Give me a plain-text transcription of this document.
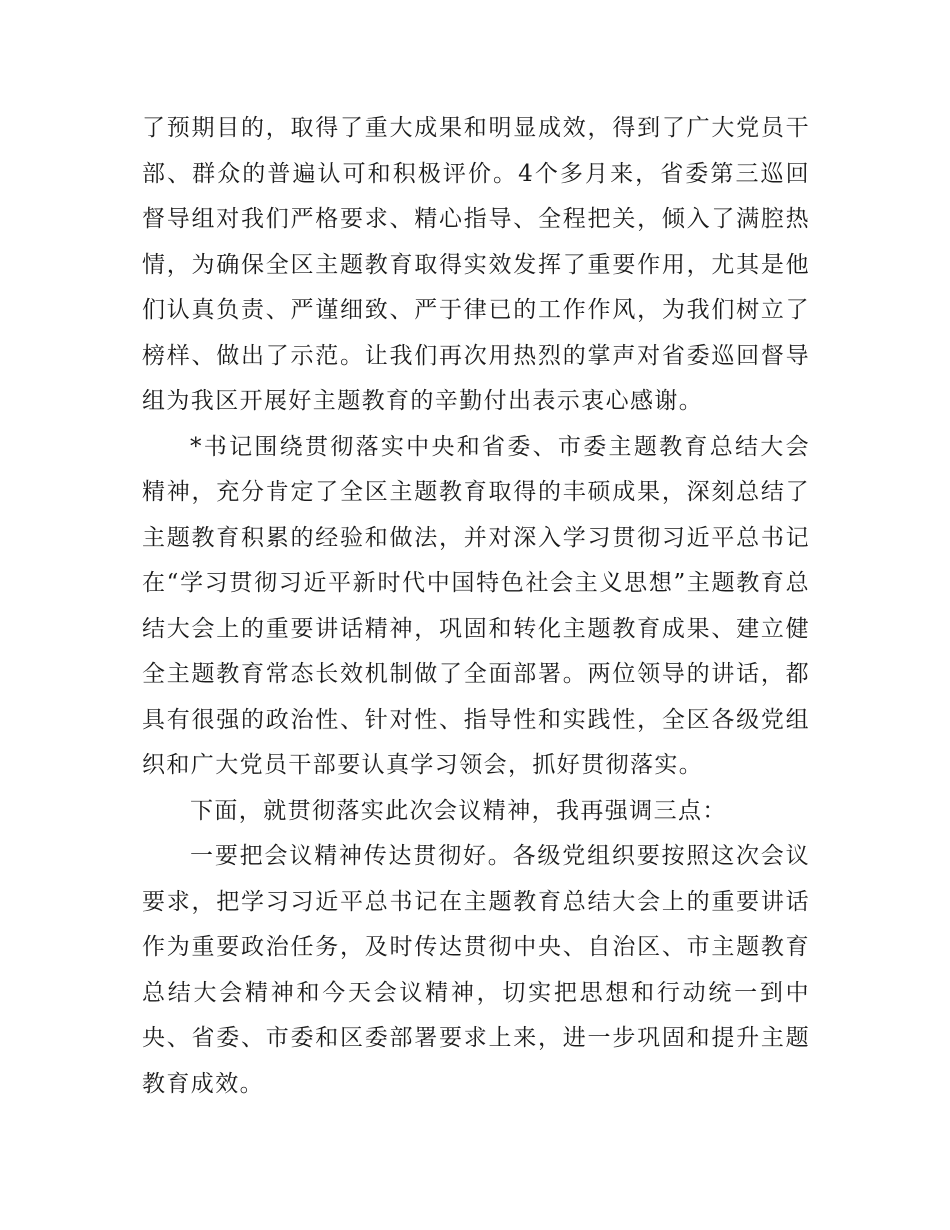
了预期目的，取得了重大成果和明显成效，得到了广大党员干部、群众的普遍认可和积极评价。4个多月来，省委第三巡回督导组对我们严格要求、精心指导、全程把关，倾入了满腔热情，为确保全区主题教育取得实效发挥了重要作用，尤其是他们认真负责、严谨细致、严于律已的工作作风，为我们树立了榜样、做出了示范。让我们再次用热烈的掌声对省委巡回督导组为我区开展好主题教育的辛勤付出表示衷心感谢。

*书记围绕贯彻落实中央和省委、市委主题教育总结大会精神，充分肯定了全区主题教育取得的丰硕成果，深刻总结了主题教育积累的经验和做法，并对深入学习贯彻习近平总书记在“学习贯彻习近平新时代中国特色社会主义思想”主题教育总结大会上的重要讲话精神，巩固和转化主题教育成果、建立健全主题教育常态长效机制做了全面部署。两位领导的讲话，都具有很强的政治性、针对性、指导性和实践性，全区各级党组织和广大党员干部要认真学习领会，抓好贯彻落实。

下面，就贯彻落实此次会议精神，我再强调三点：

一要把会议精神传达贯彻好。各级党组织要按照这次会议要求，把学习习近平总书记在主题教育总结大会上的重要讲话作为重要政治任务，及时传达贯彻中央、自治区、市主题教育总结大会精神和今天会议精神，切实把思想和行动统一到中央、省委、市委和区委部署要求上来，进一步巩固和提升主题教育成效。
